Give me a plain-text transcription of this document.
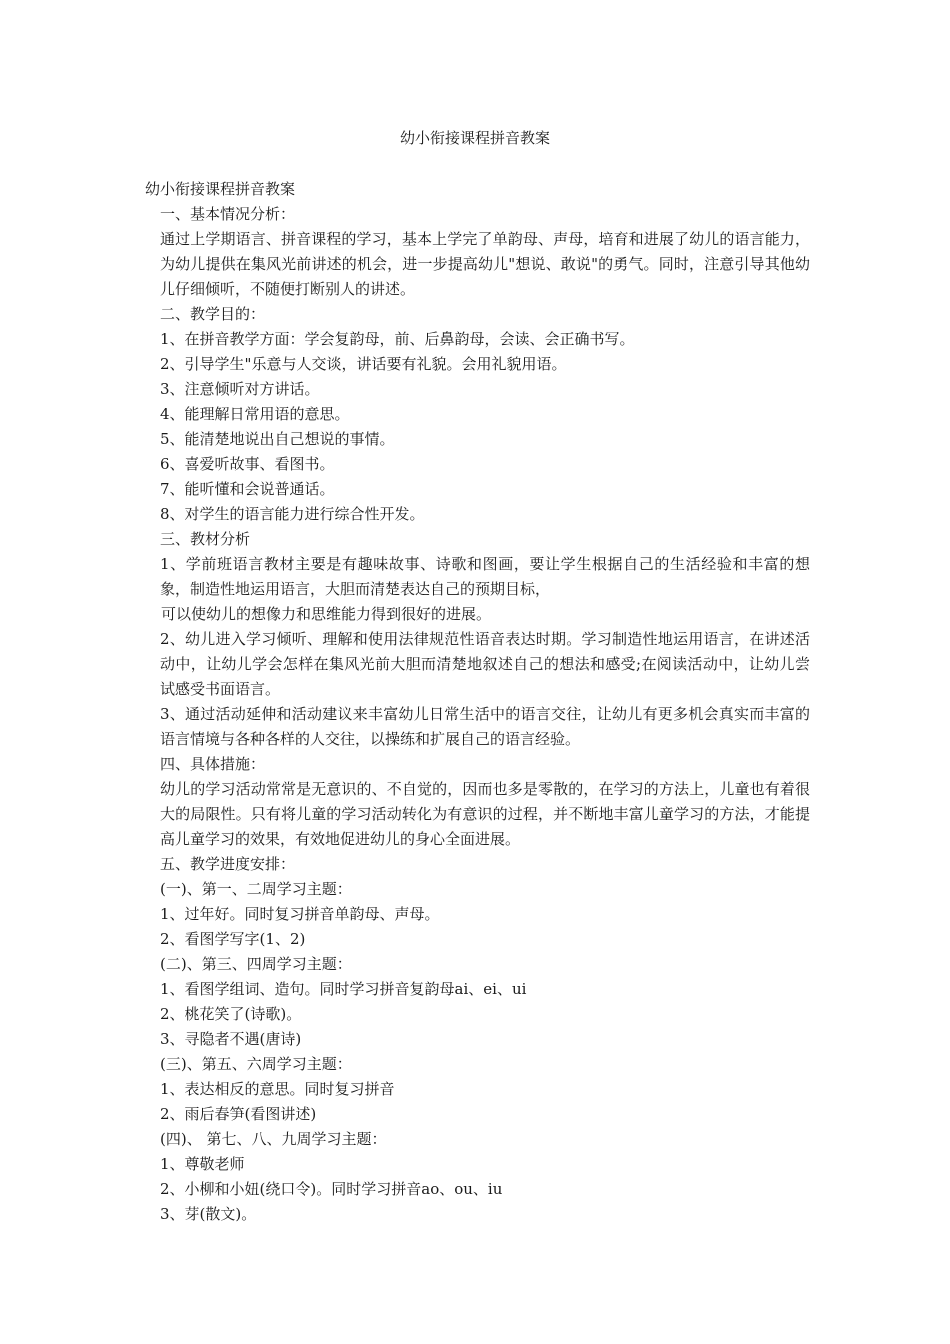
幼小衔接课程拼音教案

幼小衔接课程拼音教案

一、基本情况分析：

通过上学期语言、拼音课程的学习，基本上学完了单韵母、声母，培育和进展了幼儿的语言能力，为幼儿提供在集风光前讲述的机会，进一步提高幼儿"想说、敢说"的勇气。同时，注意引导其他幼儿仔细倾听，不随便打断别人的讲述。

二、教学目的：

1、在拼音教学方面：学会复韵母，前、后鼻韵母，会读、会正确书写。

2、引导学生"乐意与人交谈，讲话要有礼貌。会用礼貌用语。

3、注意倾听对方讲话。

4、能理解日常用语的意思。

5、能清楚地说出自己想说的事情。

6、喜爱听故事、看图书。

7、能听懂和会说普通话。

8、对学生的语言能力进行综合性开发。

三、教材分析

1、学前班语言教材主要是有趣味故事、诗歌和图画，要让学生根据自己的生活经验和丰富的想象，制造性地运用语言，大胆而清楚表达自己的预期目标，

可以使幼儿的想像力和思维能力得到很好的进展。

2、幼儿进入学习倾听、理解和使用法律规范性语音表达时期。学习制造性地运用语言，在讲述活动中，让幼儿学会怎样在集风光前大胆而清楚地叙述自己的想法和感受;在阅读活动中，让幼儿尝试感受书面语言。

3、通过活动延伸和活动建议来丰富幼儿日常生活中的语言交往，让幼儿有更多机会真实而丰富的语言情境与各种各样的人交往，以操练和扩展自己的语言经验。

四、具体措施：

幼儿的学习活动常常是无意识的、不自觉的，因而也多是零散的，在学习的方法上，儿童也有着很大的局限性。只有将儿童的学习活动转化为有意识的过程，并不断地丰富儿童学习的方法，才能提高儿童学习的效果，有效地促进幼儿的身心全面进展。

五、教学进度安排：

(一)、第一、二周学习主题：

1、过年好。同时复习拼音单韵母、声母。

2、看图学写字(1、2)

(二)、第三、四周学习主题：

1、看图学组词、造句。同时学习拼音复韵母ai、ei、ui

2、桃花笑了(诗歌)。

3、寻隐者不遇(唐诗)

(三)、第五、六周学习主题：

1、表达相反的意思。同时复习拼音

2、雨后春笋(看图讲述)

(四)、 第七、八、九周学习主题：

1、尊敬老师

2、小柳和小妞(绕口令)。同时学习拼音ao、ou、iu

3、芽(散文)。
